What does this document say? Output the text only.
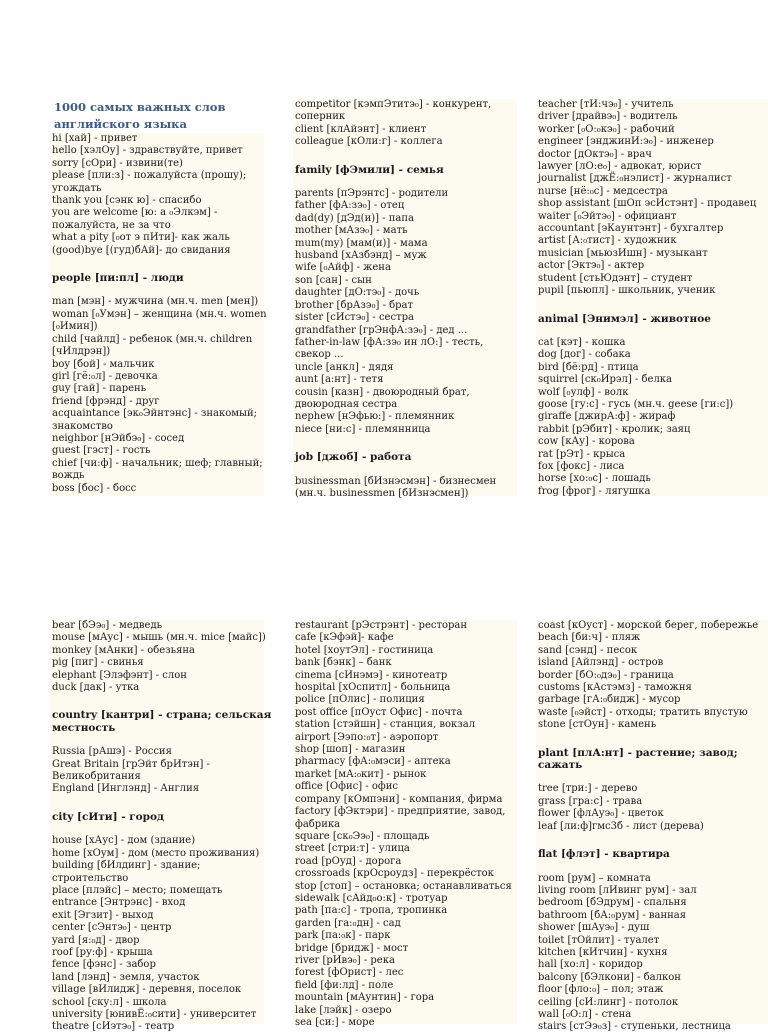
1000 самых важных слов
английского языка
hi [хай] - привет
hello [хэлОу] - здравствуйте, привет
sorry [сОри] - извини(те)
please [пли:з] - пожалуйста (прошу);
угождать
thank you [сэнк ю] - спасибо
you are welcome [ю: а ₀Элкэм] -
пожалуйста, не за что
what a pity [₀от э пИти]- как жаль
(good)bye [(гуд)бАй]- до свидания
people [пи:пл] - люди
man [мэн] - мужчина (мн.ч. men [мен])
woman [₀Умэн] – женщина (мн.ч. women
[₀Имин])
child [чайлд] - ребенок (мн.ч. children
[чИлдрэн])
boy [бой] - мальчик
girl [гё:₀л] - девочка
guy [гай] - парень
friend [фрэнд] - друг
acquaintance [эк₀Эйнтэнс] - знакомый;
знакомство
neighbor [нЭйбэ₀] - сосед
guest [гэст] - гость
chief [чи:ф] - начальник; шеф; главный;
вождь
boss [бос] - босс
competitor [кэмпЭтитэ₀] - конкурент,
соперник
client [клАйэнт] - клиент
colleague [кОли:г] - коллега
family [фЭмили] - семья
parents [пЭрэнтс] - родители
father [фА:зэ₀] - отец
dad(dy) [дЭд(и)] - папа
mother [мАзэ₀] - мать
mum(my) [мам(и)] - мама
husband [хАзбэнд] – муж
wife [₀Айф] - жена
son [сан] - сын
daughter [дО:тэ₀] - дочь
brother [брАзэ₀] - брат
sister [сИстэ₀] - сестра
grandfather [грЭнфА:зэ₀] - дед ...
father-in-law [фА:зэ₀ ин лО:] - тесть,
свекор ...
uncle [анкл] - дядя
aunt [а:нт] - тетя
cousin [казн] - двоюродный брат,
двоюродная сестра
nephew [нЭфью:] - племянник
niece [ни:с] - племянница
job [джоб] - работа
businessman [бИзнэсмэн] - бизнесмен
(мн.ч. businessmen [бИзнэсмен])
teacher [тИ:чэ₀] - учитель
driver [драйвэ₀] - водитель
worker [₀О:₀кэ₀] - рабочий
engineer [энджинИ:э₀] - инженер
doctor [дОктэ₀] - врач
lawyer [лО:е₀] - адвокат, юрист
journalist [джЁ:₀нэлист] - журналист
nurse [нё:₀с] - медсестра
shop assistant [шОп эсИстэнт] - продавец
waiter [₀Эйтэ₀] - официант
accountant [эКаунтэнт] - бухгалтер
artist [А:₀тист] - художник
musician [мьюзИшн] - музыкант
actor [Эктэ₀] - актер
student [стьЮдэнт] – студент
pupil [пьюпл] - школьник, ученик
animal [Энимэл] - животное
cat [кэт] - кошка
dog [дог] - собака
bird [бё:рд] - птица
squirrel [ск₀Ирэл] - белка
wolf [₀улф] - волк
goose [гу:с] - гусь (мн.ч. geese [ги:с])
giraffe [джирА:ф] - жираф
rabbit [рЭбит] - кролик; заяц
cow [кАу] - корова
rat [рЭт] - крыса
fox [фокс] - лиса
horse [хо:₀с] - лошадь
frog [фрог] - лягушка
bear [бЭэ₀] - медведь
mouse [мАус] - мышь (мн.ч. mice [майс])
monkey [мАнки] - обезьяна
pig [пиг] - свинья
elephant [Элэфэнт] - слон
duck [дак] - утка
country [кантри] - страна; сельская
местность
Russia [рАшэ] - Россия
Great Britain [грЭйт брИтэн] -
Великобритания
England [Инглэнд] - Англия
city [сИти] - город
house [хАус] - дом (здание)
home [хОум] - дом (место проживания)
building [бИлдинг] - здание;
строительство
place [плэйс] – место; помещать
entrance [Энтрэнс] - вход
exit [Эгзит] - выход
center [сЭнтэ₀] - центр
yard [я:₀д] - двор
roof [ру:ф] - крыша
fence [фэнс] - забор
land [лэнд] - земля, участок
village [вИлидж] - деревня, поселок
school [ску:л] - школа
university [юнивЁ:₀сити] - университет
theatre [сИэтэ₀] - театр
restaurant [рЭстрэнт] - ресторан
cafe [кЭфэй]- кафе
hotel [хоутЭл] - гостиница
bank [бэнк] – банк
cinema [сИнэмэ] - кинотеатр
hospital [хОспитл] - больница
police [пОлис] - полиция
post office [пОуст Офис] - почта
station [стэйшн] - станция, вокзал
airport [Ээпо:₀т] - аэропорт
shop [шоп] - магазин
pharmacy [фА:₀мэси] - аптека
market [мА:₀кит] - рынок
office [Офис] - офис
company [кОмпэни] - компания, фирма
factory [фЭктэри] - предприятие, завод,
фабрика
square [ск₀Ээ₀] - площадь
street [стри:т] - улица
road [рОуд] - дорога
crossroads [крОсроудз] - перекрёсток
stop [стоп] – остановка; останавливаться
sidewalk [сАйд₀о:к] - тротуар
path [па:с] - тропа, тропинка
garden [га:₀дн] - сад
park [па:₀к] - парк
bridge [бридж] - мост
river [рИвэ₀] - река
forest [фОрист] - лес
field [фи:лд] - поле
mountain [мАунтин] - гора
lake [лэйк] - озеро
sea [си:] - море
coast [кОуст] - морской берег, побережье
beach [би:ч] - пляж
sand [сэнд] - песок
island [Айлэнд] - остров
border [бО:₀дэ₀] - граница
customs [кАстэмз] - таможня
garbage [гА:₀бидж] - мусор
waste [₀эйст] - отходы; тратить впустую
stone [стОун] - камень
plant [плА:нт] - растение; завод;
сажать
tree [три:] - дерево
grass [гра:с] - трава
flower [флАуэ₀] - цветок
leaf [ли:ф]гмс3б - лист (дерева)
flat [флэт] - квартира
room [рум] – комната
living room [лИвинг рум] - зал
bedroom [бЭдрум] - спальня
bathroom [бА:₀рум] - ванная
shower [шАуэ₀] - душ
toilet [тОйлит] - туалет
kitchen [кИтчин] - кухня
hall [хо:л] - коридор
balcony [бЭлкони] - балкон
floor [фло:₀] – пол; этаж
ceiling [сИ:линг] - потолок
wall [₀О:л] - стена
stairs [стЭэ₀з] - ступеньки, лестница
